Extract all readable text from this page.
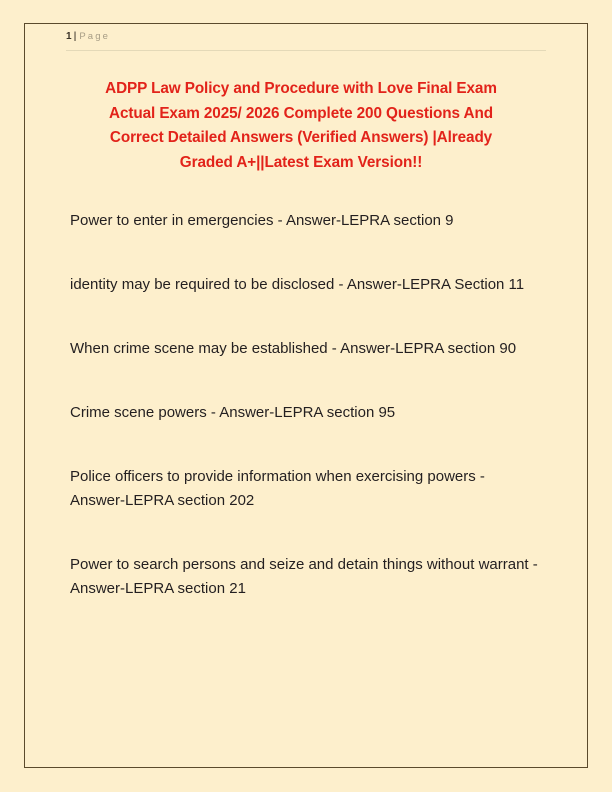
1 | Page
ADPP Law Policy and Procedure with Love Final Exam
Actual Exam 2025/ 2026 Complete 200 Questions And
Correct Detailed Answers (Verified Answers) |Already
Graded A+||Latest Exam Version!!

Power to enter in emergencies - Answer-LEPRA section 9

identity may be required to be disclosed - Answer-LEPRA Section 11

When crime scene may be established - Answer-LEPRA section 90

Crime scene powers - Answer-LEPRA section 95

Police officers to provide information when exercising powers - Answer-LEPRA section 202

Power to search persons and seize and detain things without warrant - Answer-LEPRA section 21
